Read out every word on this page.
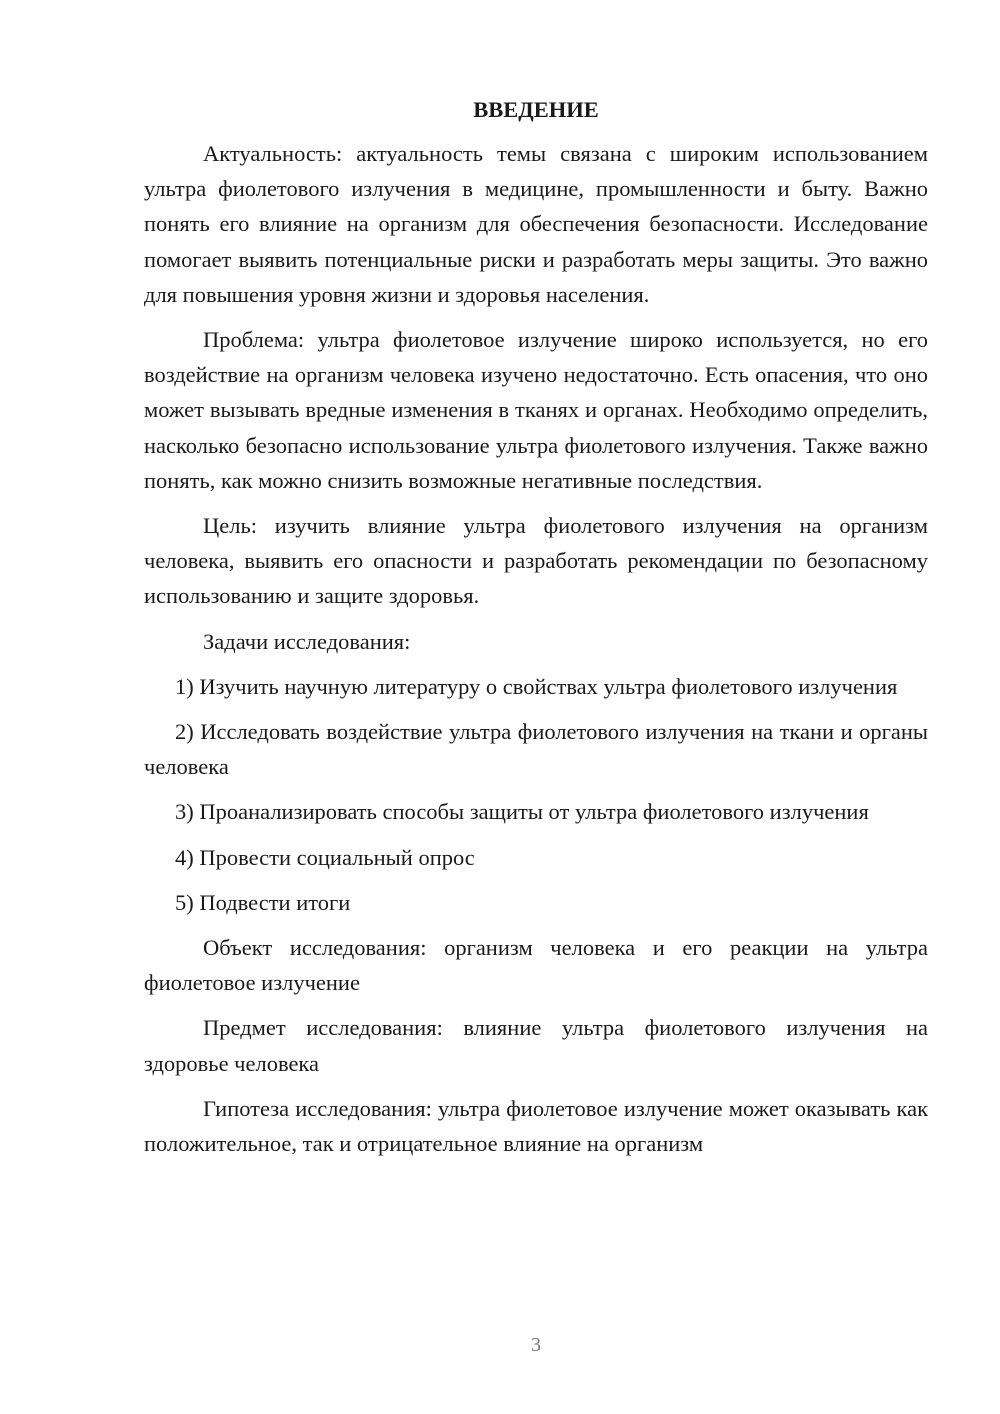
ВВЕДЕНИЕ

Актуальность: актуальность темы связана с широким использованием ультра фиолетового излучения в медицине, промышленности и быту. Важно понять его влияние на организм для обеспечения безопасности. Исследование помогает выявить потенциальные риски и разработать меры защиты. Это важно для повышения уровня жизни и здоровья населения.

Проблема: ультра фиолетовое излучение широко используется, но его воздействие на организм человека изучено недостаточно. Есть опасения, что оно может вызывать вредные изменения в тканях и органах. Необходимо определить, насколько безопасно использование ультра фиолетового излучения. Также важно понять, как можно снизить возможные негативные последствия.

Цель: изучить влияние ультра фиолетового излучения на организм человека, выявить его опасности и разработать рекомендации по безопасному использованию и защите здоровья.

Задачи исследования:

1) Изучить научную литературу о свойствах ультра фиолетового излучения

2) Исследовать воздействие ультра фиолетового излучения на ткани и органы человека

3) Проанализировать способы защиты от ультра фиолетового излучения

4) Провести социальный опрос

5) Подвести итоги

Объект исследования: организм человека и его реакции на ультра фиолетовое излучение

Предмет исследования: влияние ультра фиолетового излучения на здоровье человека

Гипотеза исследования: ультра фиолетовое излучение может оказывать как положительное, так и отрицательное влияние на организм

3
